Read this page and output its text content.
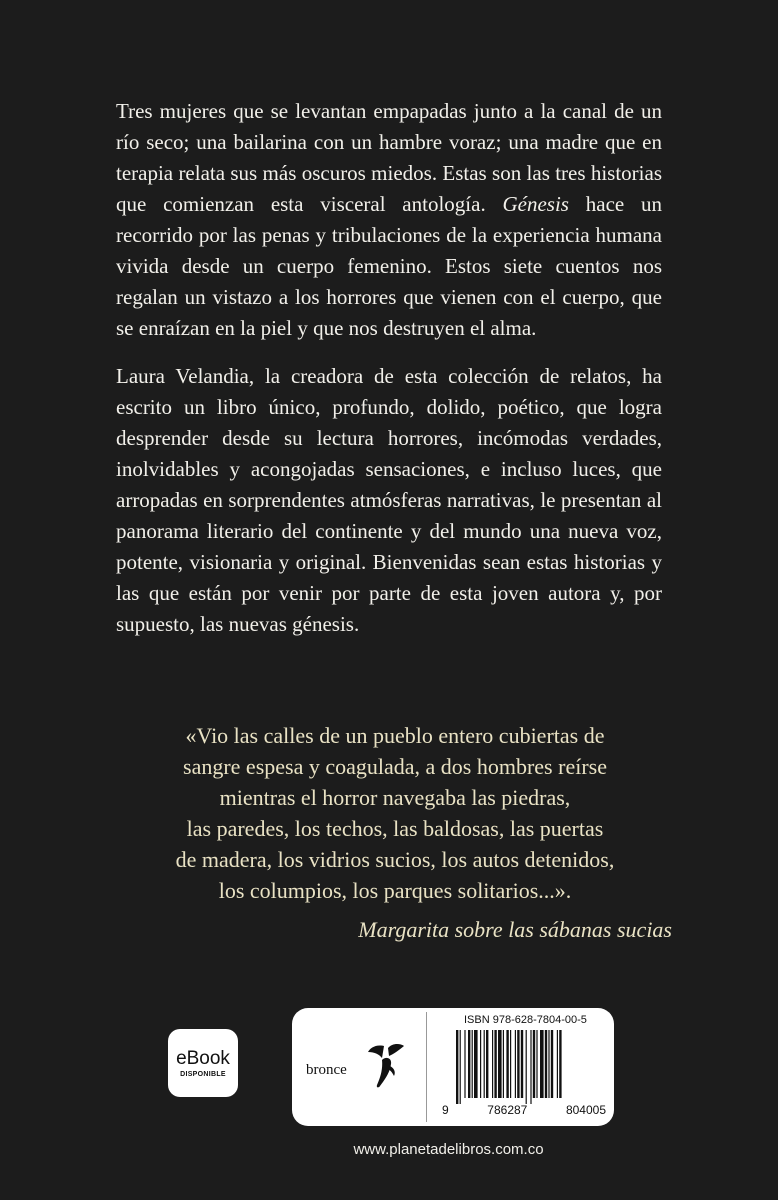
Tres mujeres que se levantan empapadas junto a la canal de un río seco; una bailarina con un hambre voraz; una madre que en terapia relata sus más oscuros miedos. Estas son las tres historias que comienzan esta visceral antología. Génesis hace un recorrido por las penas y tribulaciones de la experiencia humana vivida desde un cuerpo femenino. Estos siete cuentos nos regalan un vistazo a los horrores que vienen con el cuerpo, que se enraízan en la piel y que nos destruyen el alma.

Laura Velandia, la creadora de esta colección de relatos, ha escrito un libro único, profundo, dolido, poético, que logra desprender desde su lectura horrores, incómodas verdades, inolvidables y acongojadas sensaciones, e incluso luces, que arropadas en sorprendentes atmósferas narrativas, le presentan al panorama literario del continente y del mundo una nueva voz, potente, visionaria y original. Bienvenidas sean estas historias y las que están por venir por parte de esta joven autora y, por supuesto, las nuevas génesis.

«Vio las calles de un pueblo entero cubiertas de
sangre espesa y coagulada, a dos hombres reírse
mientras el horror navegaba las piedras,
las paredes, los techos, las baldosas, las puertas
de madera, los vidrios sucios, los autos detenidos,
los columpios, los parques solitarios...».
Margarita sobre las sábanas sucias
eBook
DISPONIBLE	bronce
ISBN 978-628-7804-00-5
9	786287	804005
www.planetadelibros.com.co
